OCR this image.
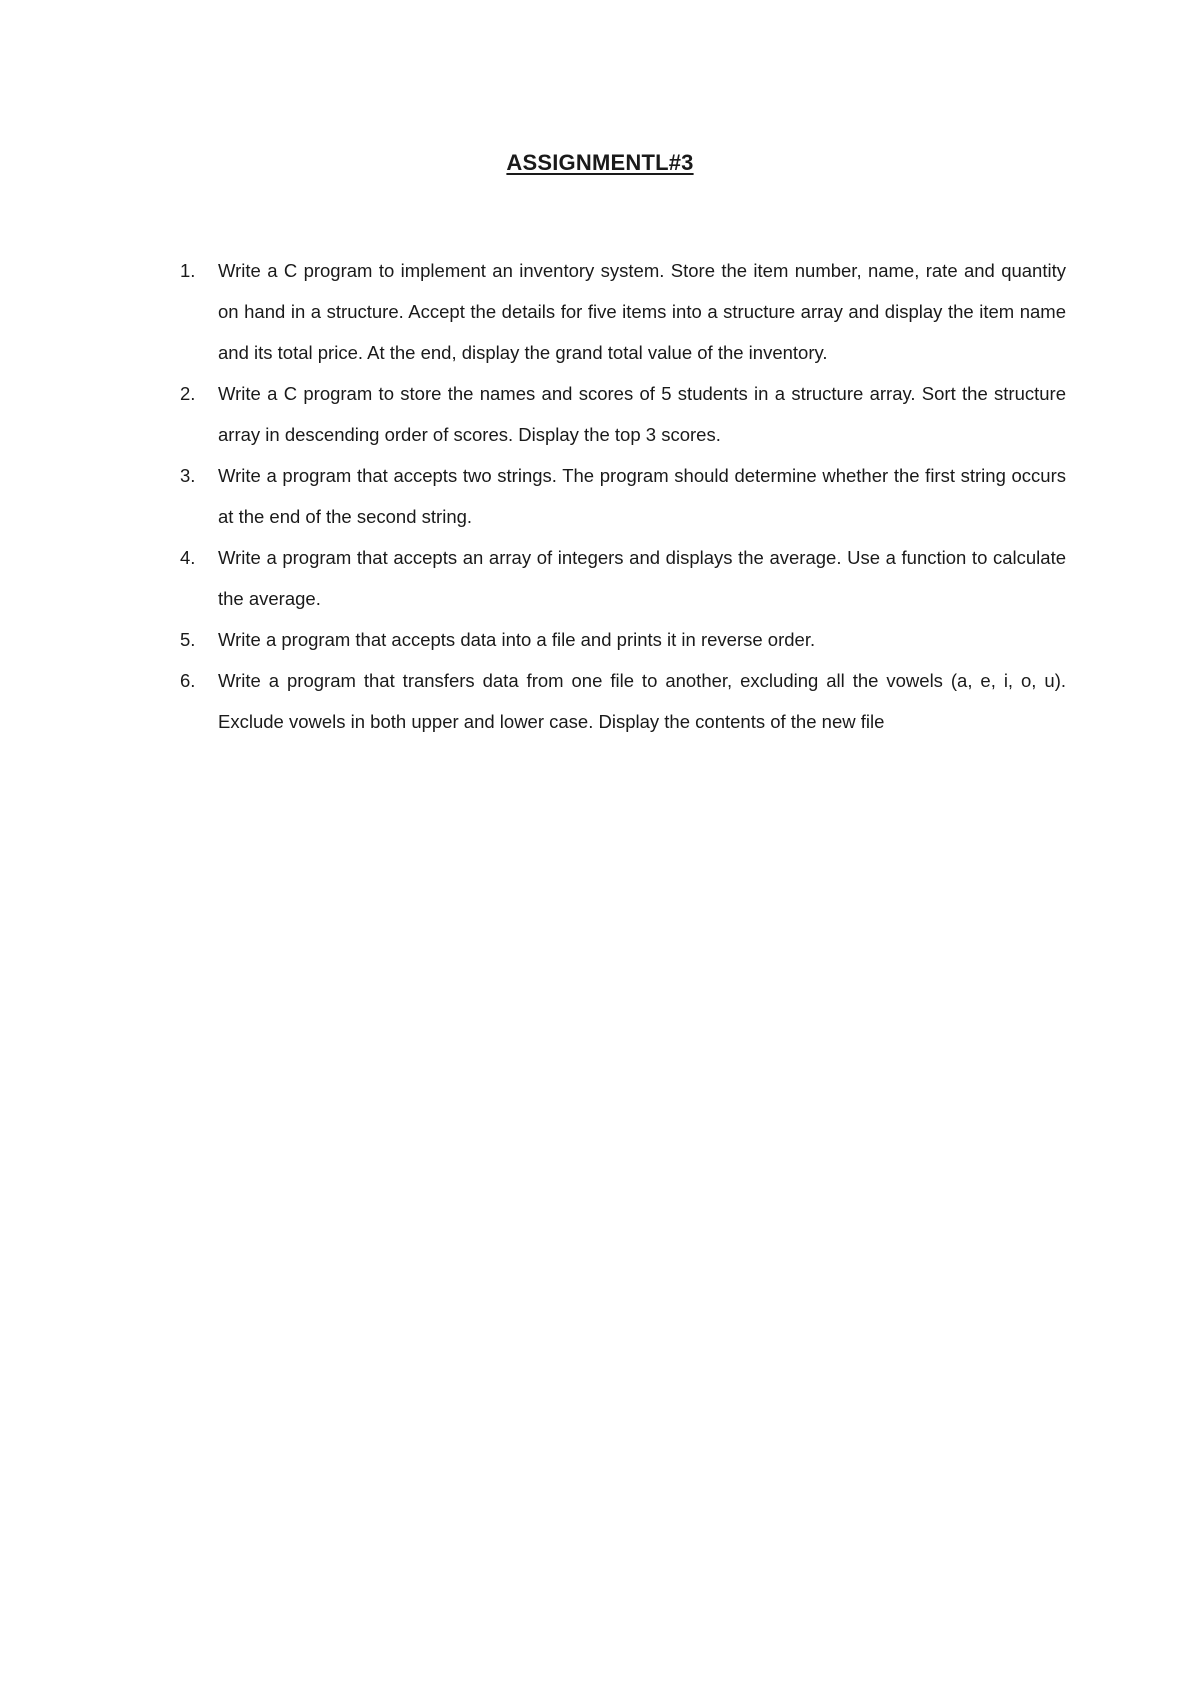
ASSIGNMENTL#3
1. Write a C program to implement an inventory system. Store the item number, name, rate and quantity on hand in a structure. Accept the details for five items into a structure array and display the item name and its total price. At the end, display the grand total value of the inventory.
2. Write a C program to store the names and scores of 5 students in a structure array. Sort the structure array in descending order of scores. Display the top 3 scores.
3. Write a program that accepts two strings. The program should determine whether the first string occurs at the end of the second string.
4. Write a program that accepts an array of integers and displays the average. Use a function to calculate the average.
5. Write a program that accepts data into a file and prints it in reverse order.
6. Write a program that transfers data from one file to another, excluding all the vowels (a, e, i, o, u). Exclude vowels in both upper and lower case. Display the contents of the new file
